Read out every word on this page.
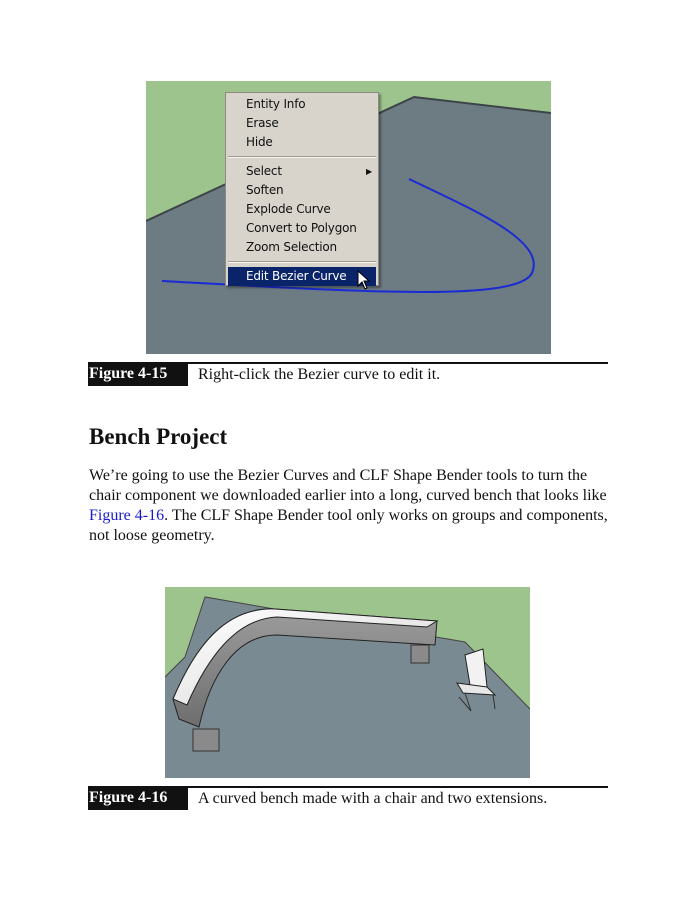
Entity Info
Erase
Hide
Select	▶
Soften
Explode Curve
Convert to Polygon
Zoom Selection
Edit Bezier Curve
Figure 4-15	Right-click the Bezier curve to edit it.
Bench Project

We’re going to use the Bezier Curves and CLF Shape Bender tools to turn the chair component we downloaded earlier into a long, curved bench that looks like Figure 4-16. The CLF Shape Bender tool only works on groups and components, not loose geometry.

Figure 4-16	A curved bench made with a chair and two extensions.
